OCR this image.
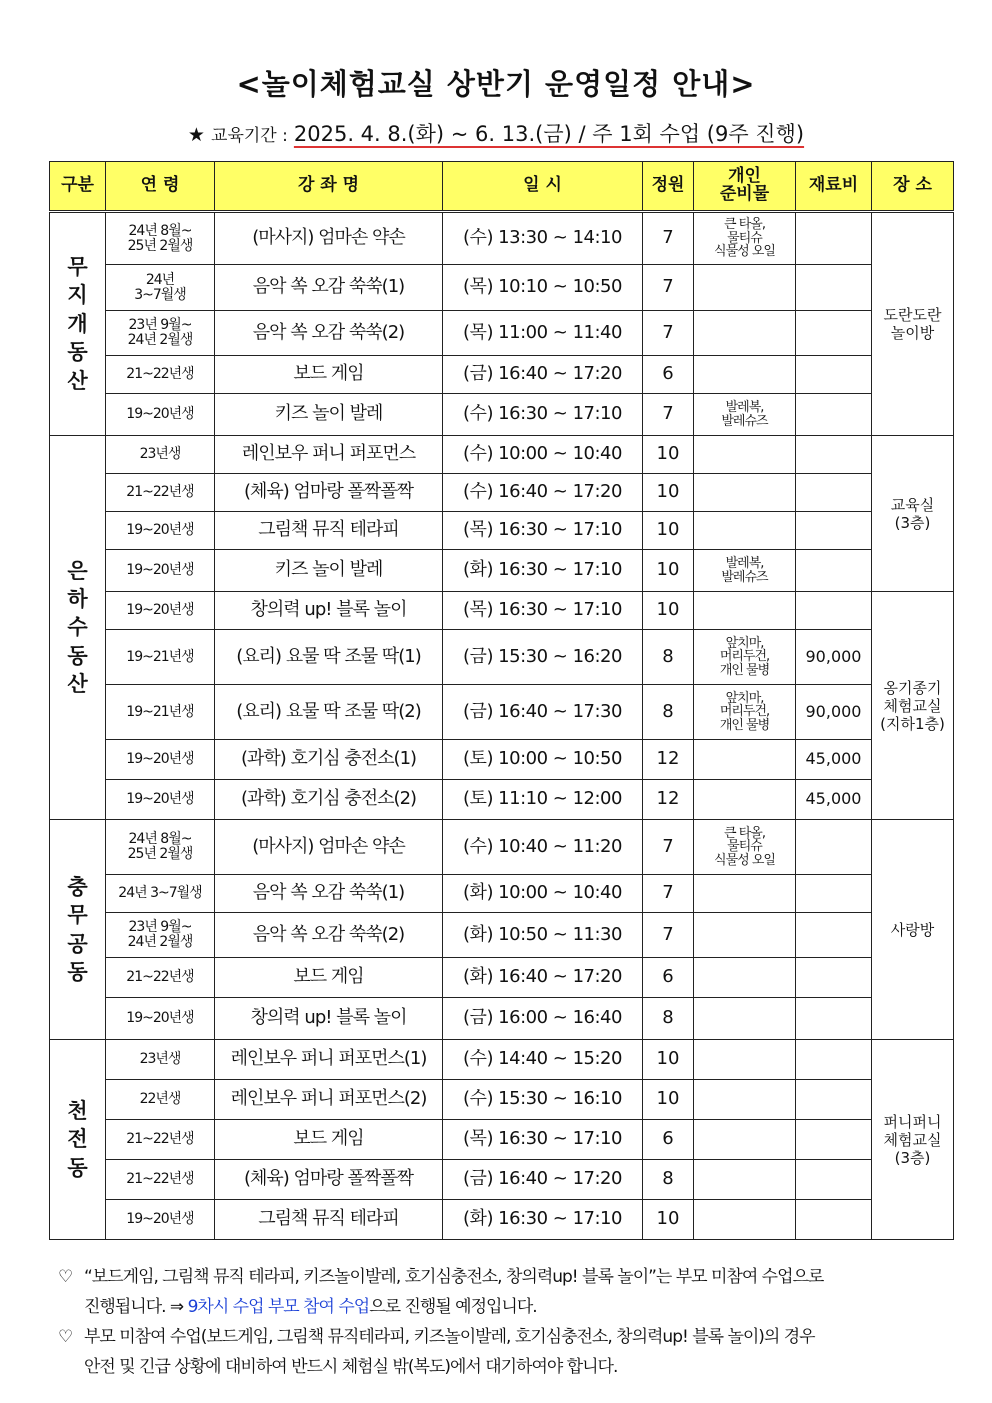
<놀이체험교실 상반기 운영일정 안내>
★ 교육기간 : 2025. 4. 8.(화) ~ 6. 13.(금) / 주 1회 수업 (9주 진행)
구분	연 령	강 좌 명	일 시	정원	개인
준비물	재료비	장 소
무지개동산	24년 8월~
25년 2월생	(마사지) 엄마손 약손	(수) 13:30 ~ 14:10	7	큰 타올,
물티슈
식물성 오일		도란도란
놀이방
	24년
3~7월생	음악 쏙 오감 쑥쑥(1)	(목) 10:10 ~ 10:50	7			
	23년 9월~
24년 2월생	음악 쏙 오감 쑥쑥(2)	(목) 11:00 ~ 11:40	7			
	21~22년생	보드 게임	(금) 16:40 ~ 17:20	6			
	19~20년생	키즈 놀이 발레	(수) 16:30 ~ 17:10	7	발레복,
발레슈즈		
은하수동산	23년생	레인보우 퍼니 퍼포먼스	(수) 10:00 ~ 10:40	10			교육실
(3층)
	21~22년생	(체육) 엄마랑 폴짝폴짝	(수) 16:40 ~ 17:20	10			
	19~20년생	그림책 뮤직 테라피	(목) 16:30 ~ 17:10	10			
	19~20년생	키즈 놀이 발레	(화) 16:30 ~ 17:10	10	발레복,
발레슈즈		
	19~20년생	창의력 up! 블록 놀이	(목) 16:30 ~ 17:10	10			옹기종기
체험교실
(지하1층)
	19~21년생	(요리) 요물 딱 조물 딱(1)	(금) 15:30 ~ 16:20	8	앞치마,
머리두건,
개인 물병	90,000	
	19~21년생	(요리) 요물 딱 조물 딱(2)	(금) 16:40 ~ 17:30	8	앞치마,
머리두건,
개인 물병	90,000	
	19~20년생	(과학) 호기심 충전소(1)	(토) 10:00 ~ 10:50	12		45,000	
	19~20년생	(과학) 호기심 충전소(2)	(토) 11:10 ~ 12:00	12		45,000	
충무공동	24년 8월~
25년 2월생	(마사지) 엄마손 약손	(수) 10:40 ~ 11:20	7	큰 타올,
물티슈
식물성 오일		사랑방
	24년 3~7월생	음악 쏙 오감 쑥쑥(1)	(화) 10:00 ~ 10:40	7			
	23년 9월~
24년 2월생	음악 쏙 오감 쑥쑥(2)	(화) 10:50 ~ 11:30	7			
	21~22년생	보드 게임	(화) 16:40 ~ 17:20	6			
	19~20년생	창의력 up! 블록 놀이	(금) 16:00 ~ 16:40	8			
천전동	23년생	레인보우 퍼니 퍼포먼스(1)	(수) 14:40 ~ 15:20	10			퍼니퍼니
체험교실
(3층)
	22년생	레인보우 퍼니 퍼포먼스(2)	(수) 15:30 ~ 16:10	10			
	21~22년생	보드 게임	(목) 16:30 ~ 17:10	6			
	21~22년생	(체육) 엄마랑 폴짝폴짝	(금) 16:40 ~ 17:20	8			
	19~20년생	그림책 뮤직 테라피	(화) 16:30 ~ 17:10	10			
♡ “보드게임, 그림책 뮤직 테라피, 키즈놀이발레, 호기심충전소, 창의력up! 블록 놀이”는 부모 미참여 수업으로
진행됩니다. ⇒ 9차시 수업 부모 참여 수업으로 진행될 예정입니다.
♡ 부모 미참여 수업(보드게임, 그림책 뮤직테라피, 키즈놀이발레, 호기심충전소, 창의력up! 블록 놀이)의 경우
안전 및 긴급 상황에 대비하여 반드시 체험실 밖(복도)에서 대기하여야 합니다.
